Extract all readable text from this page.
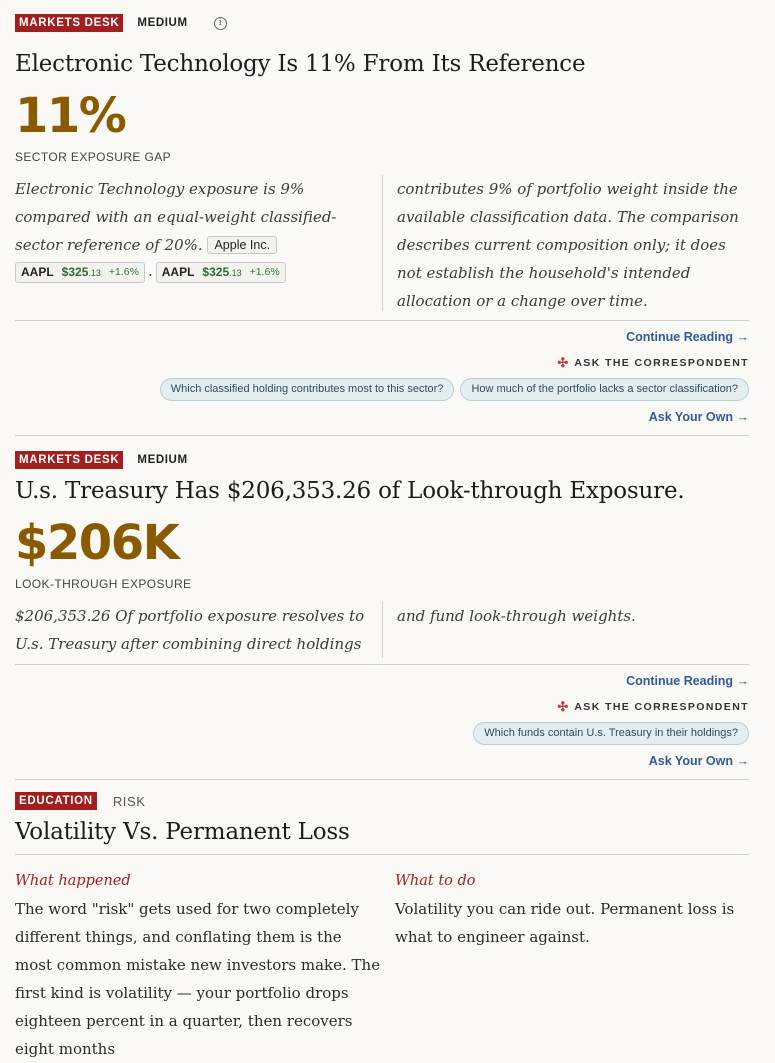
MARKETS DESK	MEDIUM	i
Electronic Technology Is 11% From Its Reference
11%
SECTOR EXPOSURE GAP
Electronic Technology exposure is 9% compared with an equal-weight classified-sector reference of 20%. Apple Inc.
AAPL $325.13 +1.6% . AAPL $325.13 +1.6%
contributes 9% of portfolio weight inside the available classification data. The comparison describes current composition only; it does not establish the household's intended allocation or a change over time.
Continue Reading →
✣ ASK THE CORRESPONDENT
Which classified holding contributes most to this sector?	How much of the portfolio lacks a sector classification?
Ask Your Own →
MARKETS DESK	MEDIUM
U.s. Treasury Has $206,353.26 of Look-through Exposure.
$206K
LOOK-THROUGH EXPOSURE
$206,353.26 Of portfolio exposure resolves to U.s. Treasury after combining direct holdings
and fund look-through weights.
Continue Reading →
✣ ASK THE CORRESPONDENT
Which funds contain U.s. Treasury in their holdings?
Ask Your Own →
EDUCATION	RISK
Volatility Vs. Permanent Loss
What happened
The word "risk" gets used for two completely different things, and conflating them is the most common mistake new investors make. The first kind is volatility — your portfolio drops eighteen percent in a quarter, then recovers eight months
What to do
Volatility you can ride out. Permanent loss is what to engineer against.
